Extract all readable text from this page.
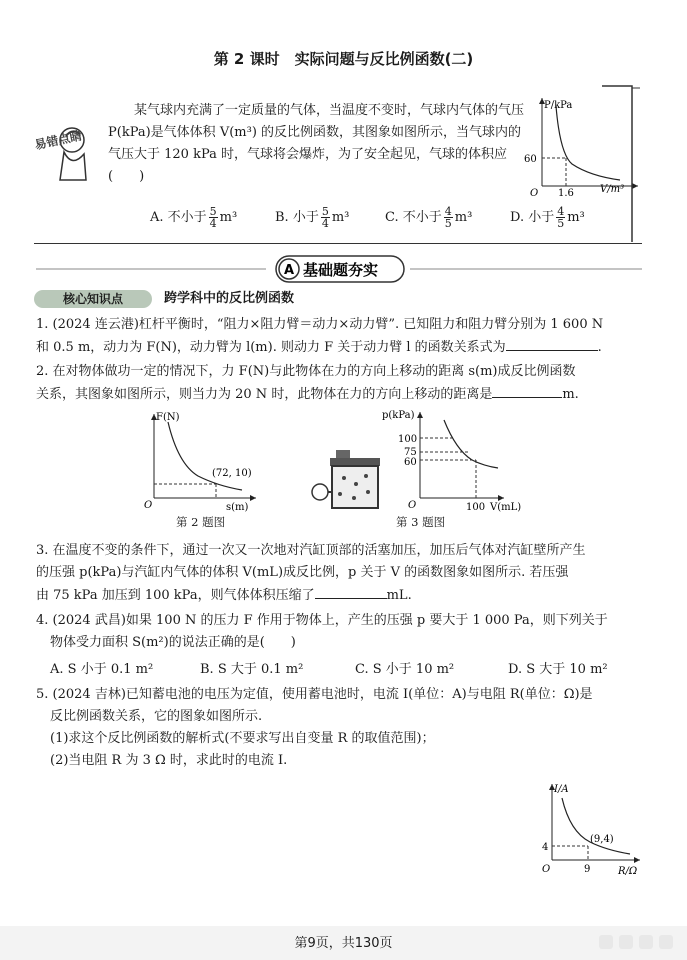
第 2 课时　实际问题与反比例函数(二)
易错点睛
某气球内充满了一定质量的气体，当温度不变时，气球内气体的气压 P(kPa)是气体体积 V(m³) 的反比例函数，其图象如图所示，当气球内的气压大于 120 kPa 时，气球将会爆炸，为了安全起见，气球的体积应(　　)
A. 不小于 $\frac{5}{4} m^3$	B. 小于 $\frac{5}{4} m^3$	C. 不小于 $\frac{4}{5} m^3$	D. 小于 $\frac{4}{5} m^3$
P/kPa
V/m³
60
1.6
O
A 基础题夯实
核心知识点	跨学科中的反比例函数
1. (2024 连云港)杠杆平衡时，“阻力×阻力臂＝动力×动力臂”. 已知阻力和阻力臂分别为 1 600 N
和 0.5 m，动力为 F(N)，动力臂为 l(m). 则动力 F 关于动力臂 l 的函数关系式为	.
2. 在对物体做功一定的情况下，力 F(N)与此物体在力的方向上移动的距离 s(m)成反比例函数
关系，其图象如图所示，则当力为 20 N 时，此物体在力的方向上移动的距离是	m.
F(N)
s(m)
(72, 10)
O
第 2 题图
p(kPa)
100
75
60
100 V(mL)
O
第 3 题图
3. 在温度不变的条件下，通过一次又一次地对汽缸顶部的活塞加压，加压后气体对汽缸壁所产生
的压强 p(kPa)与汽缸内气体的体积 V(mL)成反比例，p 关于 V 的函数图象如图所示. 若压强
由 75 kPa 加压到 100 kPa，则气体体积压缩了	mL.
4. (2024 武昌)如果 100 N 的压力 F 作用于物体上，产生的压强 p 要大于 1 000 Pa，则下列关于
物体受力面积 S(m²)的说法正确的是(　　)
A. S 小于 0.1 m²	B. S 大于 0.1 m²	C. S 小于 10 m²	D. S 大于 10 m²
5. (2024 吉林)已知蓄电池的电压为定值，使用蓄电池时，电流 I(单位：A)与电阻 R(单位：Ω)是
反比例函数关系，它的图象如图所示.
(1)求这个反比例函数的解析式(不要求写出自变量 R 的取值范围)；
(2)当电阻 R 为 3 Ω 时，求此时的电流 I.
I/A
4
9
(9,4)
R/Ω
O
第9页，共130页
